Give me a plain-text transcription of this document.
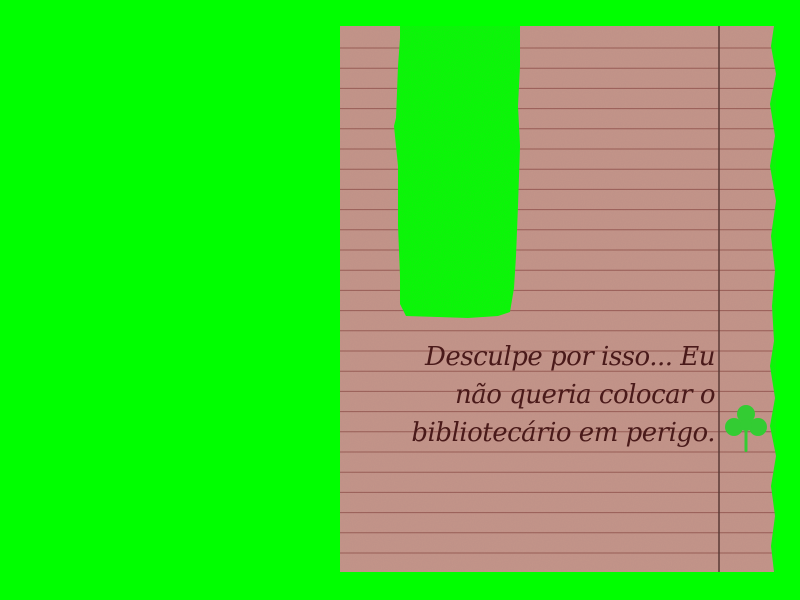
Desculpe por isso... Eu
não queria colocar o
bibliotecário em perigo.
